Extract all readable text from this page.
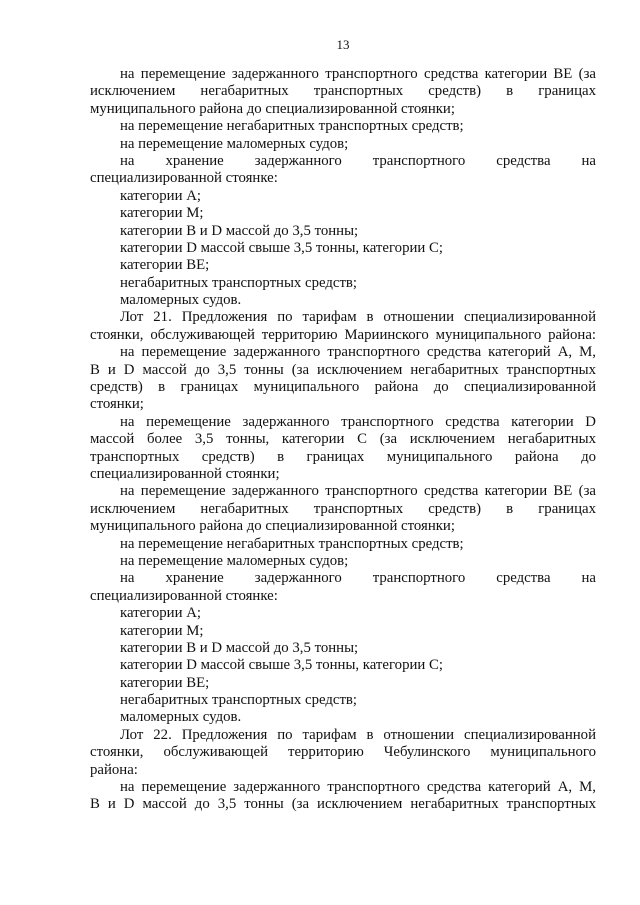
13
на перемещение задержанного транспортного средства категории BE (за
исключением негабаритных транспортных средств) в границах
муниципального района до специализированной стоянки;
на перемещение негабаритных транспортных средств;
на перемещение маломерных судов;
на хранение задержанного транспортного средства на
специализированной стоянке:
категории А;
категории М;
категории В и D массой до 3,5 тонны;
категории D массой свыше 3,5 тонны, категории С;
категории ВЕ;
негабаритных транспортных средств;
маломерных судов.
Лот 21. Предложения по тарифам в отношении специализированной
стоянки, обслуживающей территорию Мариинского муниципального района:
на перемещение задержанного транспортного средства категорий А, М,
В и D массой до 3,5 тонны (за исключением негабаритных транспортных
средств) в границах муниципального района до специализированной
стоянки;
на перемещение задержанного транспортного средства категории D
массой более 3,5 тонны, категории С (за исключением негабаритных
транспортных средств) в границах муниципального района до
специализированной стоянки;
на перемещение задержанного транспортного средства категории BE (за
исключением негабаритных транспортных средств) в границах
муниципального района до специализированной стоянки;
на перемещение негабаритных транспортных средств;
на перемещение маломерных судов;
на хранение задержанного транспортного средства на
специализированной стоянке:
категории А;
категории М;
категории В и D массой до 3,5 тонны;
категории D массой свыше 3,5 тонны, категории С;
категории ВЕ;
негабаритных транспортных средств;
маломерных судов.
Лот 22. Предложения по тарифам в отношении специализированной
стоянки, обслуживающей территорию Чебулинского муниципального
района:
на перемещение задержанного транспортного средства категорий А, М,
В и D массой до 3,5 тонны (за исключением негабаритных транспортных
